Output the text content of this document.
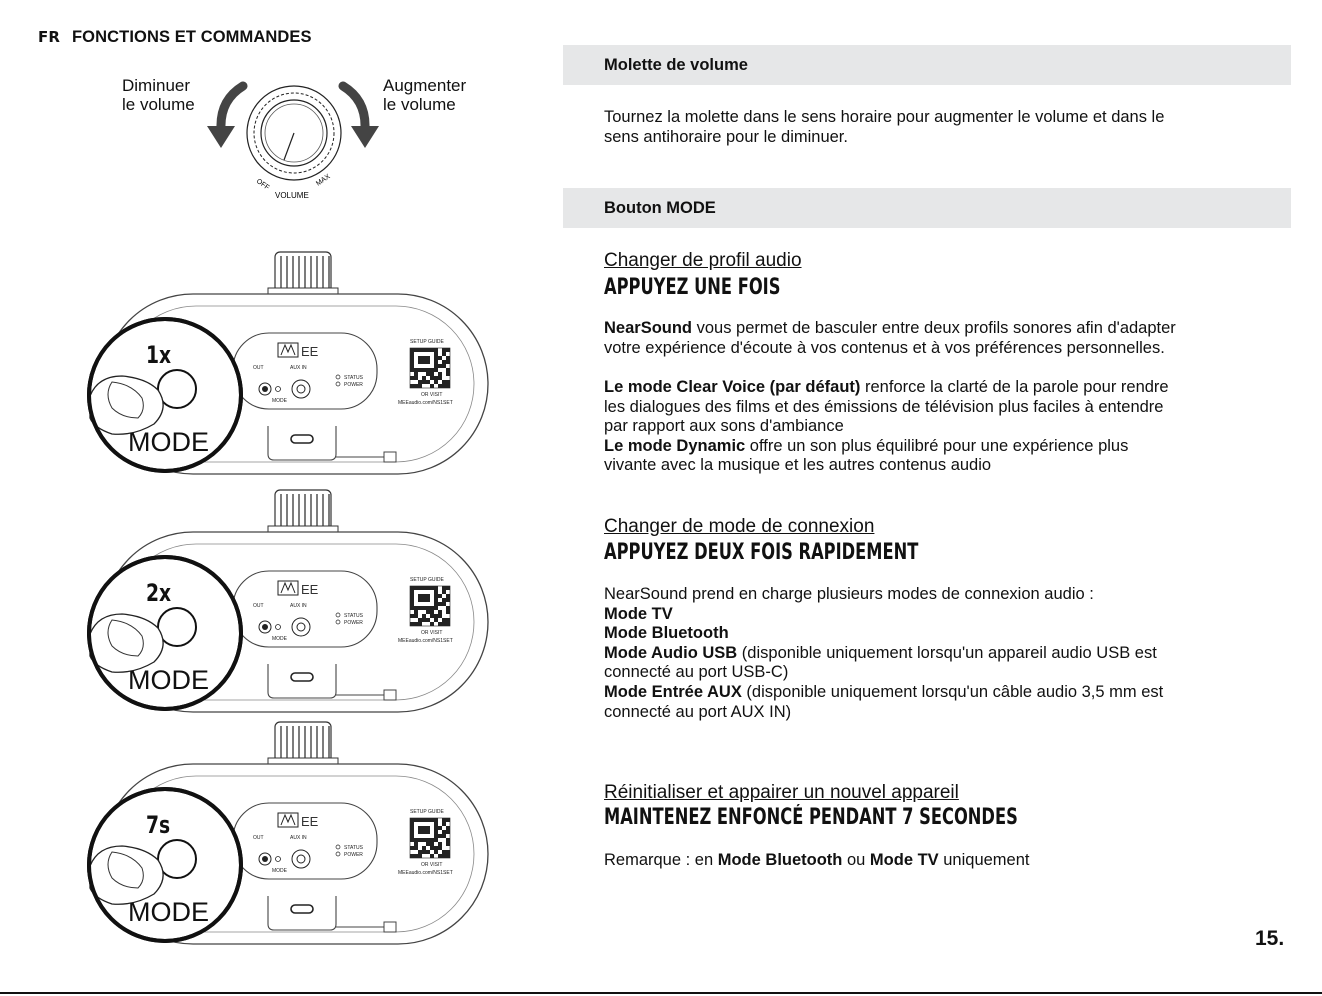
FR FONCTIONS ET COMMANDES
Diminuer
le volume
Augmenter
le volume
OFF	MAX
VOLUME
EE
OUT	AUX IN
MODE
STATUS
POWER
SETUP GUIDE
OR VISIT
MEEaudio.com/NS1SET
1x
MODE
EE
OUT	AUX IN
MODE
STATUS
POWER
SETUP GUIDE
OR VISIT
MEEaudio.com/NS1SET
2x
MODE
EE
OUT	AUX IN
MODE
STATUS
POWER
SETUP GUIDE
OR VISIT
MEEaudio.com/NS1SET
7s
MODE
Molette de volume
Tournez la molette dans le sens horaire pour augmenter le volume et dans le
sens antihoraire pour le diminuer.
Bouton MODE
Changer de profil audio
APPUYEZ UNE FOIS
NearSound vous permet de basculer entre deux profils sonores afin d'adapter
votre expérience d'écoute à vos contenus et à vos préférences personnelles.
Le mode Clear Voice (par défaut) renforce la clarté de la parole pour rendre
les dialogues des films et des émissions de télévision plus faciles à entendre
par rapport aux sons d'ambiance
Le mode Dynamic offre un son plus équilibré pour une expérience plus
vivante avec la musique et les autres contenus audio
Changer de mode de connexion
APPUYEZ DEUX FOIS RAPIDEMENT
NearSound prend en charge plusieurs modes de connexion audio :
Mode TV
Mode Bluetooth
Mode Audio USB (disponible uniquement lorsqu'un appareil audio USB est
connecté au port USB-C)
Mode Entrée AUX (disponible uniquement lorsqu'un câble audio 3,5 mm est
connecté au port AUX IN)
Réinitialiser et appairer un nouvel appareil
MAINTENEZ ENFONCÉ PENDANT 7 SECONDES
Remarque : en Mode Bluetooth ou Mode TV uniquement
15.
